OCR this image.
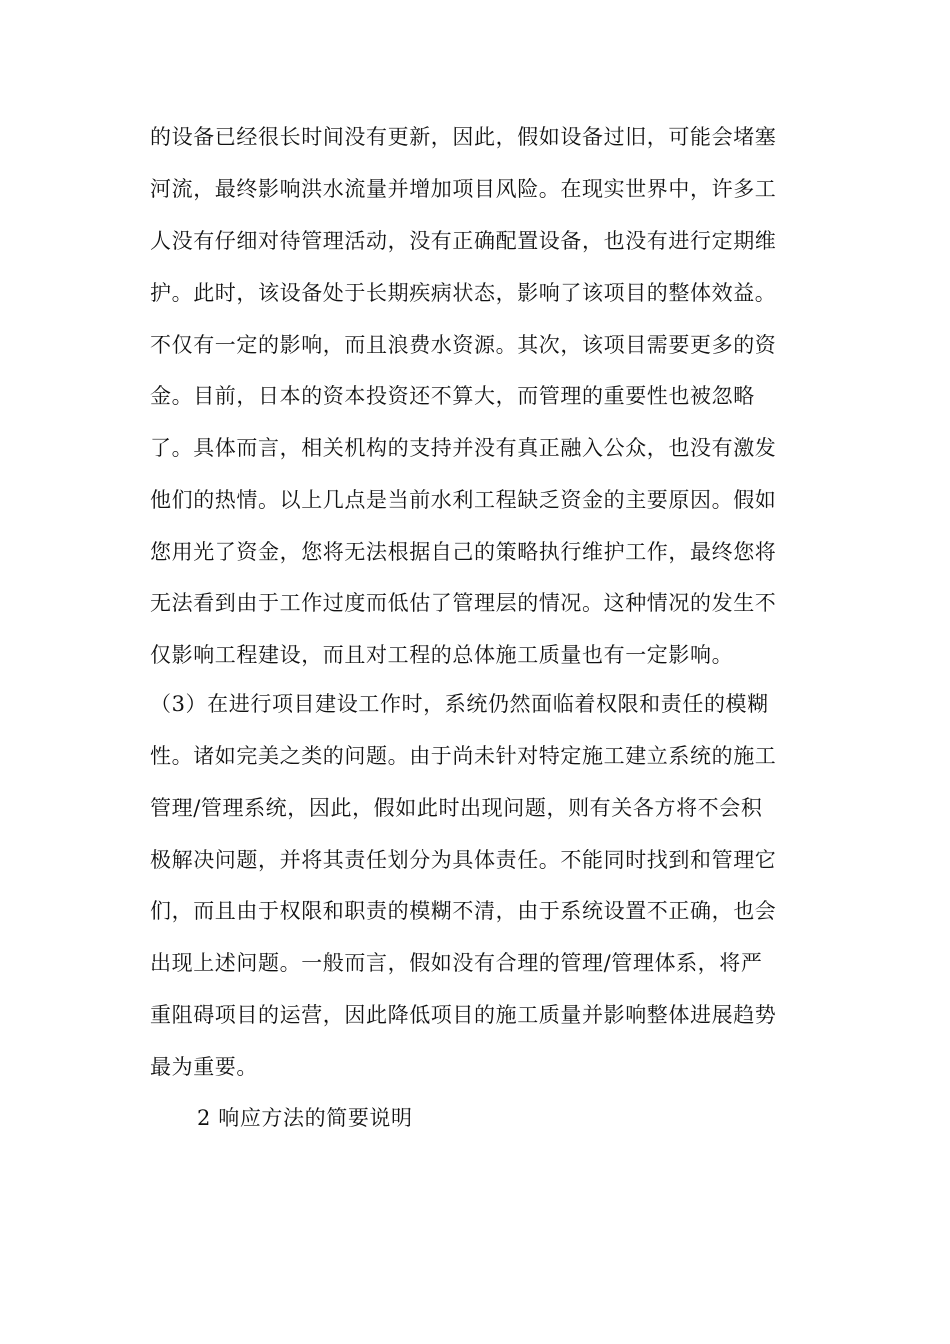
的设备已经很长时间没有更新，因此，假如设备过旧，可能会堵塞
河流，最终影响洪水流量并增加项目风险。在现实世界中，许多工
人没有仔细对待管理活动，没有正确配置设备，也没有进行定期维
护。此时，该设备处于长期疾病状态，影响了该项目的整体效益。
不仅有一定的影响，而且浪费水资源。其次，该项目需要更多的资
金。目前，日本的资本投资还不算大，而管理的重要性也被忽略
了。具体而言，相关机构的支持并没有真正融入公众，也没有激发
他们的热情。以上几点是当前水利工程缺乏资金的主要原因。假如
您用光了资金，您将无法根据自己的策略执行维护工作，最终您将
无法看到由于工作过度而低估了管理层的情况。这种情况的发生不
仅影响工程建设，而且对工程的总体施工质量也有一定影响。
（3）在进行项目建设工作时，系统仍然面临着权限和责任的模糊
性。诸如完美之类的问题。由于尚未针对特定施工建立系统的施工
管理/管理系统，因此，假如此时出现问题，则有关各方将不会积
极解决问题，并将其责任划分为具体责任。不能同时找到和管理它
们，而且由于权限和职责的模糊不清，由于系统设置不正确，也会
出现上述问题。一般而言，假如没有合理的管理/管理体系，将严
重阻碍项目的运营，因此降低项目的施工质量并影响整体进展趋势
最为重要。
2 响应方法的简要说明
